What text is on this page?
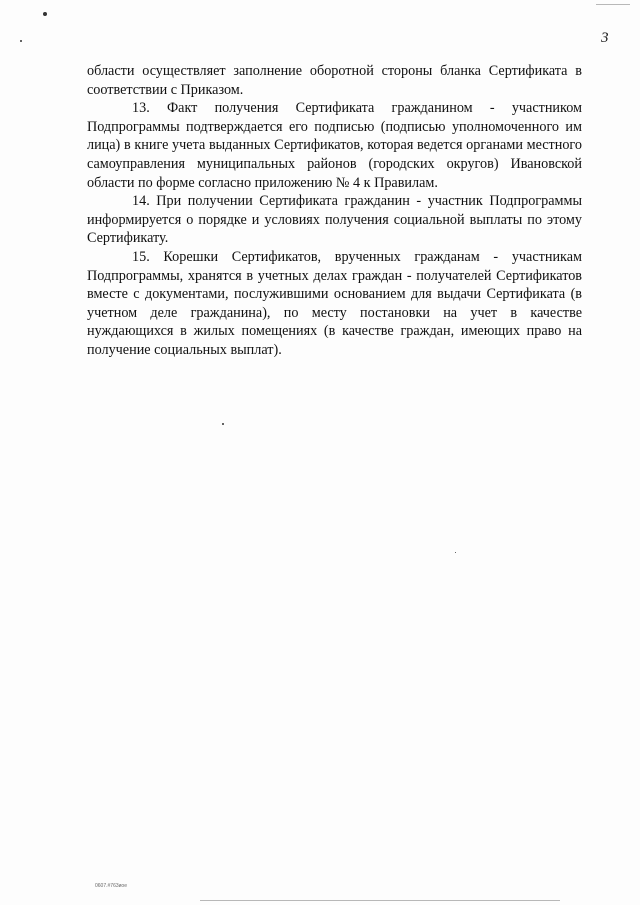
3

области осуществляет заполнение оборотной стороны бланка Сертификата в соответствии с Приказом.

13. Факт получения Сертификата гражданином - участником Подпрограммы подтверждается его подписью (подписью уполномоченного им лица) в книге учета выданных Сертификатов, которая ведется органами местного самоуправления муниципальных районов (городских округов) Ивановской области по форме согласно приложению № 4 к Правилам.

14. При получении Сертификата гражданин - участник Подпрограммы информируется о порядке и условиях получения социальной выплаты по этому Сертификату.

15. Корешки Сертификатов, врученных гражданам - участникам Подпрограммы, хранятся в учетных делах граждан - получателей Сертификатов вместе с документами, послужившими основанием для выдачи Сертификата (в учетном деле гражданина), по месту постановки на учет в качестве нуждающихся в жилых помещениях (в качестве граждан, имеющих право на получение социальных выплат).

0607.#763иое
